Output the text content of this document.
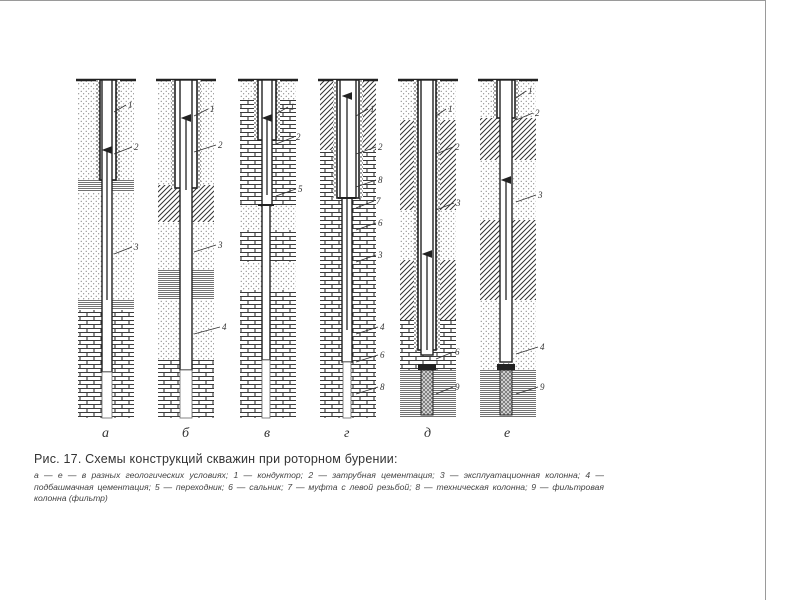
1
2
3
а
1
2
3
4
б
1
2
5
в
1
2
8
7
6
3
4
6
8
г
1
2
3
6
9
д
1
2
3
4
9
е
Рис. 17. Схемы конструкций скважин при роторном бурении:
а — е — в разных геологических условиях; 1 — кондуктор; 2 — затрубная цементация; 3 — эксплуатационная колонна; 4 — подбашмачная цементация; 5 — переходник; 6 — сальник; 7 — муфта с левой резьбой; 8 — техническая колонна; 9 — фильтровая колонна (фильтр)
